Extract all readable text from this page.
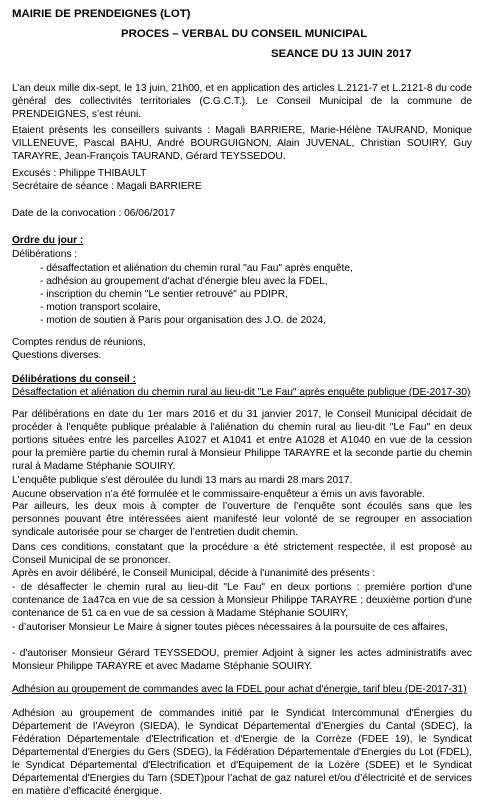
MAIRIE DE PRENDEIGNES (LOT)
PROCES – VERBAL DU CONSEIL MUNICIPAL
SEANCE DU 13 JUIN 2017

L’an deux mille dix-sept, le 13 juin, 21h00, et en application des articles L.2121-7 et L.2121-8 du code général des collectivités territoriales (C.G.C.T.). Le Conseil Municipal de la commune de PRENDEIGNES, s’est réuni.

Etaient présents les conseillers suivants : Magali BARRIERE, Marie-Hélène TAURAND, Monique VILLENEUVE, Pascal BAHU, André BOURGUIGNON, Alain JUVENAL, Christian SOUIRY, Guy TARAYRE, Jean-François TAURAND, Gérard TEYSSEDOU.

Excusés : Philippe THIBAULT
Secrétaire de séance : Magali BARRIERE
Date de la convocation : 06/06/2017
Ordre du jour :
Délibérations :
- désaffectation et aliénation du chemin rural "au Fau" après enquête,
- adhésion au groupement d'achat d'énergie bleu avec la FDEL,
- inscription du chemin "Le sentier retrouvé" au PDIPR,
- motion transport scolaire,
- motion de soutien à Paris pour organisation des J.O. de 2024,
Comptes rendus de réunions,
Questions diverses.
Délibérations du conseil :

Désaffectation et aliénation du chemin rural au lieu-dit "Le Fau" après enquête publique (DE-2017-30)

Par délibérations en date du 1er mars 2016 et du 31 janvier 2017, le Conseil Municipal décidait de procéder à l'enquête publique préalable à l'aliénation du chemin rural au lieu-dit "Le Fau" en deux portions situées entre les parcelles A1027 et A1041 et entre A1028 et A1040 en vue de la cession pour la première partie du chemin rural à Monsieur Philippe TARAYRE et la seconde partie du chemin rural à Madame Stéphanie SOUIRY.

L'enquête publique s'est déroulée du lundi 13 mars au mardi 28 mars 2017.
Aucune observation n’a été formulée et le commissaire-enquêteur a émis un avis favorable.

Par ailleurs, les deux mois à compter de l’ouverture de l’enquête sont écoulés sans que les personnes pouvant être intéressées aient manifesté leur volonté de se regrouper en association syndicale autorisée pour se charger de l’entretien dudit chemin.

Dans ces conditions, constatant que la procédure a été strictement respectée, il est proposé au Conseil Municipal de se prononcer.

Après en avoir délibéré, le Conseil Municipal, décide à l'unanimité des présents :

- de désaffecter le chemin rural au lieu-dit "Le Fau" en deux portions : première portion d'une contenance de 1a47ca en vue de sa cession à Monsieur Philippe TARAYRE ; deuxième portion d'une contenance de 51 ca en vue de sa cession à Madame Stéphanie SOUIRY,

- d’autoriser Monsieur Le Maire à signer toutes pièces nécessaires à la poursuite de ces affaires,

- d'autoriser Monsieur Gérard TEYSSEDOU, premier Adjoint à signer les actes administratifs avec Monsieur Philippe TARAYRE et avec Madame Stéphanie SOUIRY.

Adhésion au groupement de commandes avec la FDEL pour achat d'énergie, tarif bleu (DE-2017-31)

Adhésion au groupement de commandes initié par le Syndicat Intercommunal d'Énergies du Département de l'Aveyron (SIEDA), le Syndicat Départemental d’Energies du Cantal (SDEC), la Fédération Départementale d'Electrification et d'Energie de la Corrèze (FDEE 19), le Syndicat Départemental d'Energies du Gers (SDEG), la Fédération Départementale d'Energies du Lot (FDEL), le Syndicat Départemental d'Electrification et d'Equipement de la Lozère (SDEE) et le Syndicat Départemental d'Energies du Tarn (SDET)pour l’achat de gaz naturel et/ou d’électricité et de services en matière d’efficacité énergique.
